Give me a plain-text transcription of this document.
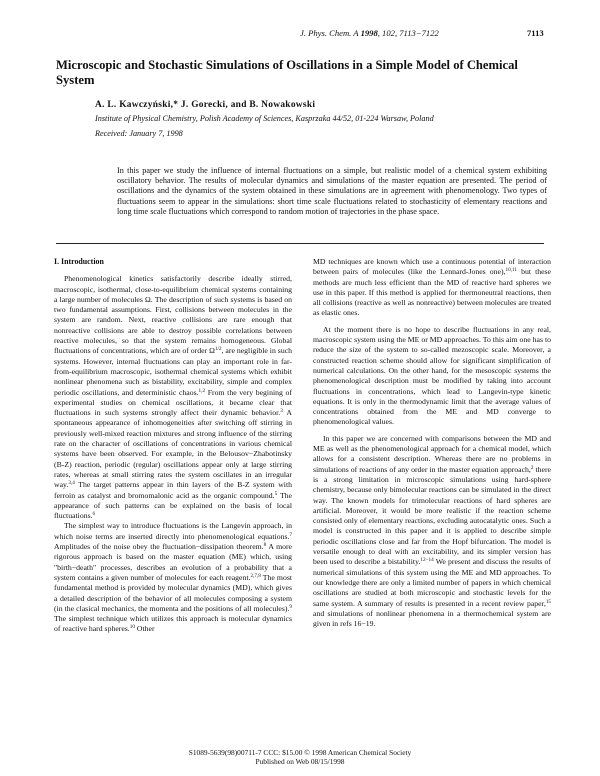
J. Phys. Chem. A 1998, 102, 7113−7122	7113
Microscopic and Stochastic Simulations of Oscillations in a Simple Model of Chemical System
A. L. Kawczyński,* J. Gorecki, and B. Nowakowski
Institute of Physical Chemistry, Polish Academy of Sciences, Kasprzaka 44/52, 01-224 Warsaw, Poland
Received: January 7, 1998

In this paper we study the influence of internal fluctuations on a simple, but realistic model of a chemical system exhibiting oscillatory behavior. The results of molecular dynamics and simulations of the master equation are presented. The period of oscillations and the dynamics of the system obtained in these simulations are in agreement with phenomenology. Two types of fluctuations seem to appear in the simulations: short time scale fluctuations related to stochasticity of elementary reactions and long time scale fluctuations which correspond to random motion of trajectories in the phase space.

I. Introduction

Phenomenological kinetics satisfactorily describe ideally stirred, macroscopic, isothermal, close-to-equilibrium chemical systems containing a large number of molecules Ω. The description of such systems is based on two fundamental assumptions. First, collisions between molecules in the system are random. Next, reactive collisions are rare enough that nonreactive collisions are able to destroy possible correlations between reactive molecules, so that the system remains homogeneous. Global fluctuations of concentrations, which are of order $\Omega^{1/2}$, are negligible in such systems. However, internal fluctuations can play an important role in far-from-equilibrium macroscopic, isothermal chemical systems which exhibit nonlinear phenomena such as bistability, excitability, simple and complex periodic oscillations, and deterministic chaos.$^{1,2}$ From the very begining of experimental studies on chemical oscillations, it became clear that fluctuations in such systems strongly affect their dynamic behavior.$^3$ A spontaneous appearance of inhomogeneities after switching off stirring in previously well-mixed reaction mixtures and strong influence of the stirring rate on the character of oscillations of concentrations in various chemical systems have been observed. For example, in the Belousov−Zhabotinsky (B-Z) reaction, periodic (regular) oscillations appear only at large stirring rates, whereas at small stirring rates the system oscillates in an irregular way.$^{3,4}$ The target patterns appear in thin layers of the B-Z system with ferroin as catalyst and bromomalonic acid as the organic compound.$^5$ The appearance of such patterns can be explained on the basis of local fluctuations.$^6$

The simplest way to introduce fluctuations is the Langevin approach, in which noise terms are inserted directly into phenomenological equations.$^7$ Amplitudes of the noise obey the fluctuation−dissipation theorem.$^8$ A more rigorous approach is based on the master equation (ME) which, using "birth−death" processes, describes an evolution of a probability that a system contains a given number of molecules for each reagent.$^{2,7,8}$ The most fundamental method is provided by molecular dynamics (MD), which gives a detailed description of the behavior of all molecules composing a system (in the clasical mechanics, the momenta and the positions of all molecules).$^9$ The simplest technique which utilizes this approach is molecular dynamics of reactive hard spheres.$^{10}$ Other

MD techniques are known which use a continuous potential of interaction between pairs of molecules (like the Lennard-Jones one),$^{10,11}$ but these methods are much less efficient than the MD of reactive hard spheres we use in this paper. If this method is applied for thermoneutral reactions, then all collisions (reactive as well as nonreactive) between molecules are treated as elastic ones.

At the moment there is no hope to describe fluctuations in any real, macroscopic system using the ME or MD approaches. To this aim one has to reduce the size of the system to so-called mezoscopic scale. Moreover, a constructed reaction scheme should allow for significant simplification of numerical calculations. On the other hand, for the mesoscopic systems the phenomenological description must be modified by taking into account fluctuations in concentrations, which lead to Langevin-type kinetic equations. It is only in the thermodynamic limit that the average values of concentrations obtained from the ME and MD converge to phenomenological values.

In this paper we are concerned with comparisons between the MD and ME as well as the phenomenological approach for a chemical model, which allows for a consistent description. Whereas there are no problems in simulations of reactions of any order in the master equation approach,$^2$ there is a strong limitation in microscopic simulations using hard-sphere chemistry, because only bimolecular reactions can be simulated in the direct way. The known models for trimolecular reactions of hard spheres are artificial. Moreover, it would be more realistic if the reaction scheme consisted only of elementary reactions, excluding autocatalytic ones. Such a model is constructed in this paper and it is applied to describe simple periodic oscillations close and far from the Hopf bifurcation. The model is versatile enough to deal with an excitability, and its simpler version has been used to describe a bistability.$^{12-14}$ We present and discuss the results of numerical simulations of this system using the ME and MD approaches. To our knowledge there are only a limited number of papers in which chemical oscillations are studied at both microscopic and stochastic levels for the same system. A summary of results is presented in a recent review paper,$^{15}$ and simulations of nonlinear phenomena in a thermochemical system are given in refs 16−19.

S1089-5639(98)00711-7 CCC: $15.00 © 1998 American Chemical Society
Published on Web 08/15/1998
